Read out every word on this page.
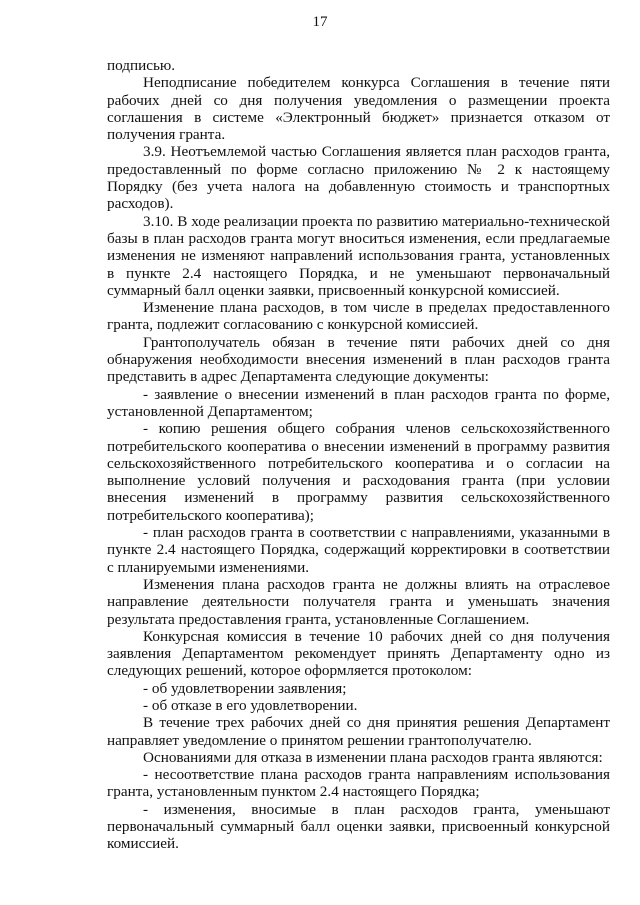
17

подписью.

Неподписание победителем конкурса Соглашения в течение пяти рабочих дней со дня получения уведомления о размещении проекта соглашения в системе «Электронный бюджет» признается отказом от получения гранта.

3.9. Неотъемлемой частью Соглашения является план расходов гранта, предоставленный по форме согласно приложению № 2 к настоящему Порядку (без учета налога на добавленную стоимость и транспортных расходов).

3.10. В ходе реализации проекта по развитию материально-технической базы в план расходов гранта могут вноситься изменения, если предлагаемые изменения не изменяют направлений использования гранта, установленных в пункте 2.4 настоящего Порядка, и не уменьшают первоначальный суммарный балл оценки заявки, присвоенный конкурсной комиссией.

Изменение плана расходов, в том числе в пределах предоставленного гранта, подлежит согласованию с конкурсной комиссией.

Грантополучатель обязан в течение пяти рабочих дней со дня обнаружения необходимости внесения изменений в план расходов гранта представить в адрес Департамента следующие документы:

- заявление о внесении изменений в план расходов гранта по форме, установленной Департаментом;

- копию решения общего собрания членов сельскохозяйственного потребительского кооператива о внесении изменений в программу развития сельскохозяйственного потребительского кооператива и о согласии на выполнение условий получения и расходования гранта (при условии внесения изменений в программу развития сельскохозяйственного потребительского кооператива);

- план расходов гранта в соответствии с направлениями, указанными в пункте 2.4 настоящего Порядка, содержащий корректировки в соответствии с планируемыми изменениями.

Изменения плана расходов гранта не должны влиять на отраслевое направление деятельности получателя гранта и уменьшать значения результата предоставления гранта, установленные Соглашением.

Конкурсная комиссия в течение 10 рабочих дней со дня получения заявления Департаментом рекомендует принять Департаменту одно из следующих решений, которое оформляется протоколом:

- об удовлетворении заявления;

- об отказе в его удовлетворении.

В течение трех рабочих дней со дня принятия решения Департамент направляет уведомление о принятом решении грантополучателю.

Основаниями для отказа в изменении плана расходов гранта являются:

- несоответствие плана расходов гранта направлениям использования гранта, установленным пунктом 2.4 настоящего Порядка;

- изменения, вносимые в план расходов гранта, уменьшают первоначальный суммарный балл оценки заявки, присвоенный конкурсной комиссией.
